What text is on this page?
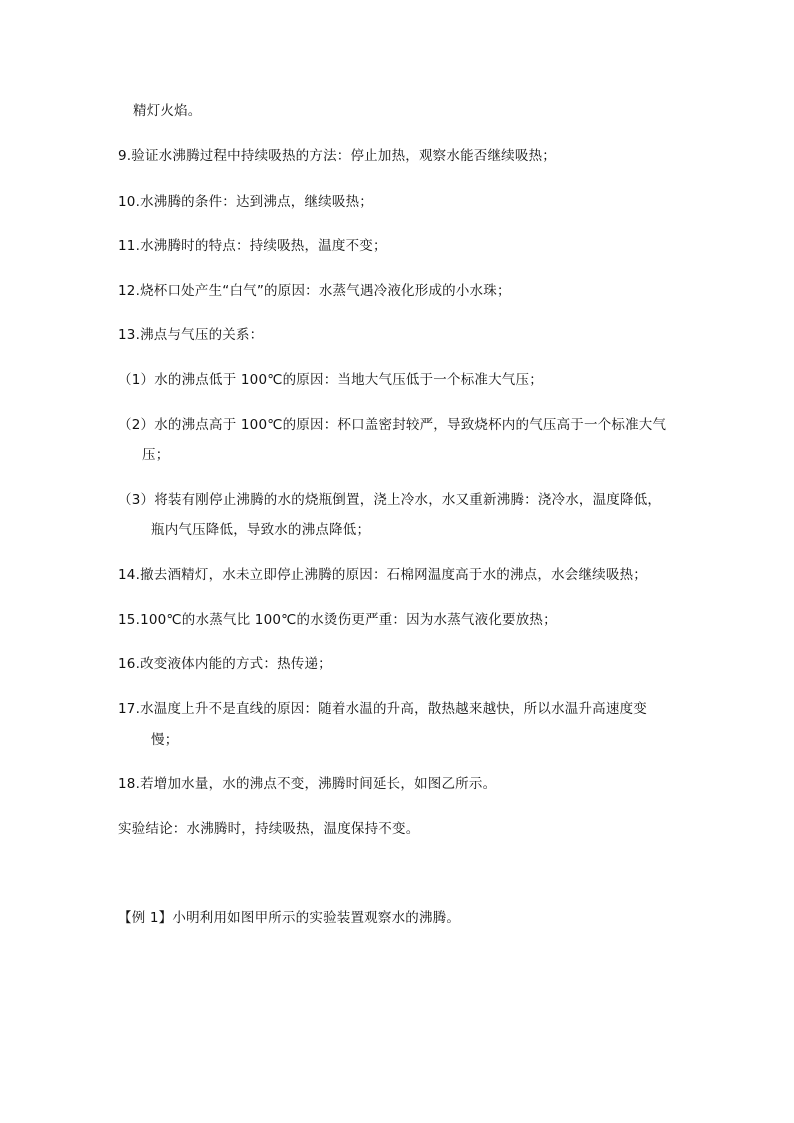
精灯火焰。
9.验证水沸腾过程中持续吸热的方法：停止加热，观察水能否继续吸热；
10.水沸腾的条件：达到沸点，继续吸热；
11.水沸腾时的特点：持续吸热，温度不变；
12.烧杯口处产生“白气”的原因：水蒸气遇冷液化形成的小水珠；
13.沸点与气压的关系：
（1）水的沸点低于 100℃的原因：当地大气压低于一个标准大气压；
（2）水的沸点高于 100℃的原因：杯口盖密封较严，导致烧杯内的气压高于一个标准大气
压；
（3）将装有刚停止沸腾的水的烧瓶倒置，浇上冷水，水又重新沸腾：浇冷水，温度降低，
瓶内气压降低，导致水的沸点降低；
14.撤去酒精灯，水未立即停止沸腾的原因：石棉网温度高于水的沸点，水会继续吸热；
15.100℃的水蒸气比 100℃的水烫伤更严重：因为水蒸气液化要放热；
16.改变液体内能的方式：热传递；
17.水温度上升不是直线的原因：随着水温的升高，散热越来越快，所以水温升高速度变
慢；
18.若增加水量，水的沸点不变，沸腾时间延长，如图乙所示。
实验结论：水沸腾时，持续吸热，温度保持不变。
【例 1】小明利用如图甲所示的实验装置观察水的沸腾。
